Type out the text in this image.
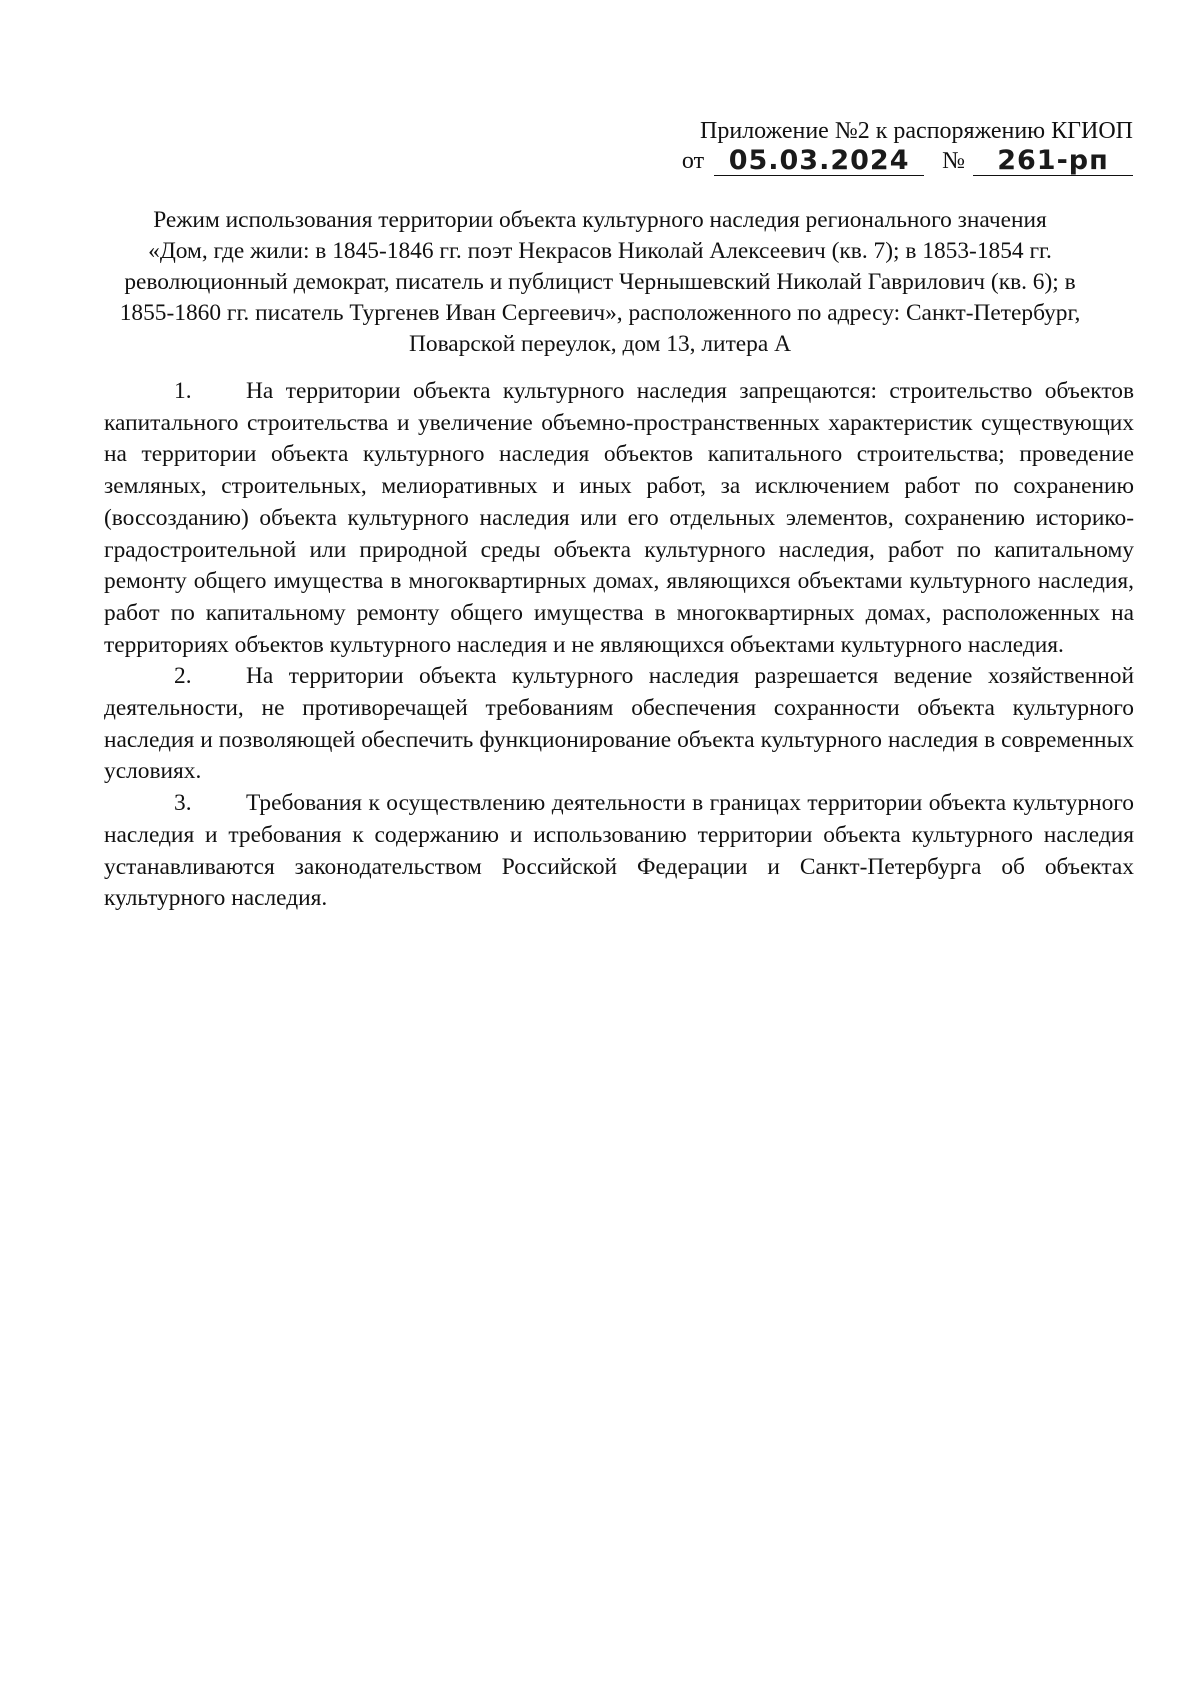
Приложение №2 к распоряжению КГИОП
от 05.03.2024	№	261-рп
Режим использования территории объекта культурного наследия регионального значения
«Дом, где жили: в 1845-1846 гг. поэт Некрасов Николай Алексеевич (кв. 7); в 1853-1854 гг.
революционный демократ, писатель и публицист Чернышевский Николай Гаврилович (кв. 6); в
1855-1860 гг. писатель Тургенев Иван Сергеевич», расположенного по адресу: Санкт-Петербург,
Поварской переулок, дом 13, литера А

1. На территории объекта культурного наследия запрещаются: строительство объектов капитального строительства и увеличение объемно-пространственных характеристик существующих на территории объекта культурного наследия объектов капитального строительства; проведение земляных, строительных, мелиоративных и иных работ, за исключением работ по сохранению (воссозданию) объекта культурного наследия или его отдельных элементов, сохранению историко-градостроительной или природной среды объекта культурного наследия, работ по капитальному ремонту общего имущества в многоквартирных домах, являющихся объектами культурного наследия, работ по капитальному ремонту общего имущества в многоквартирных домах, расположенных на территориях объектов культурного наследия и не являющихся объектами культурного наследия.

2. На территории объекта культурного наследия разрешается ведение хозяйственной деятельности, не противоречащей требованиям обеспечения сохранности объекта культурного наследия и позволяющей обеспечить функционирование объекта культурного наследия в современных условиях.

3. Требования к осуществлению деятельности в границах территории объекта культурного наследия и требования к содержанию и использованию территории объекта культурного наследия устанавливаются законодательством Российской Федерации и Санкт-Петербурга об объектах культурного наследия.
